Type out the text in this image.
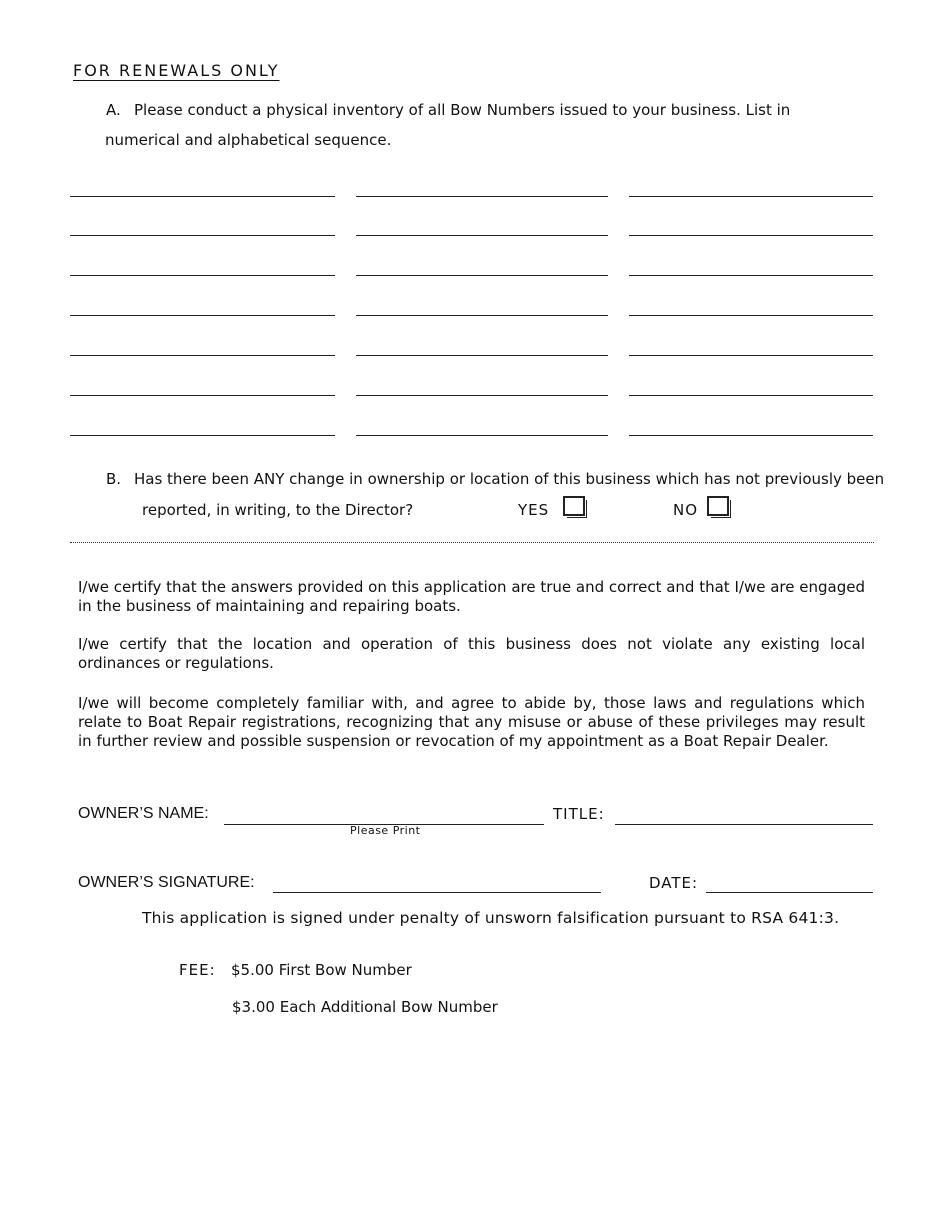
FOR RENEWALS ONLY
A. Please conduct a physical inventory of all Bow Numbers issued to your business. List in
numerical and alphabetical sequence.
B. Has there been ANY change in ownership or location of this business which has not previously been
reported, in writing, to the Director?	YES	NO
I/we certify that the answers provided on this application are true and correct and that I/we are engaged in the business of maintaining and repairing boats.
I/we certify that the location and operation of this business does not violate any existing local ordinances or regulations.
I/we will become completely familiar with, and agree to abide by, those laws and regulations which relate to Boat Repair registrations, recognizing that any misuse or abuse of these privileges may result in further review and possible suspension or revocation of my appointment as a Boat Repair Dealer.
OWNER’S NAME:
Please Print
TITLE:
OWNER’S SIGNATURE:	DATE:
This application is signed under penalty of unsworn falsification pursuant to RSA 641:3.
FEE: $5.00 First Bow Number
$3.00 Each Additional Bow Number
